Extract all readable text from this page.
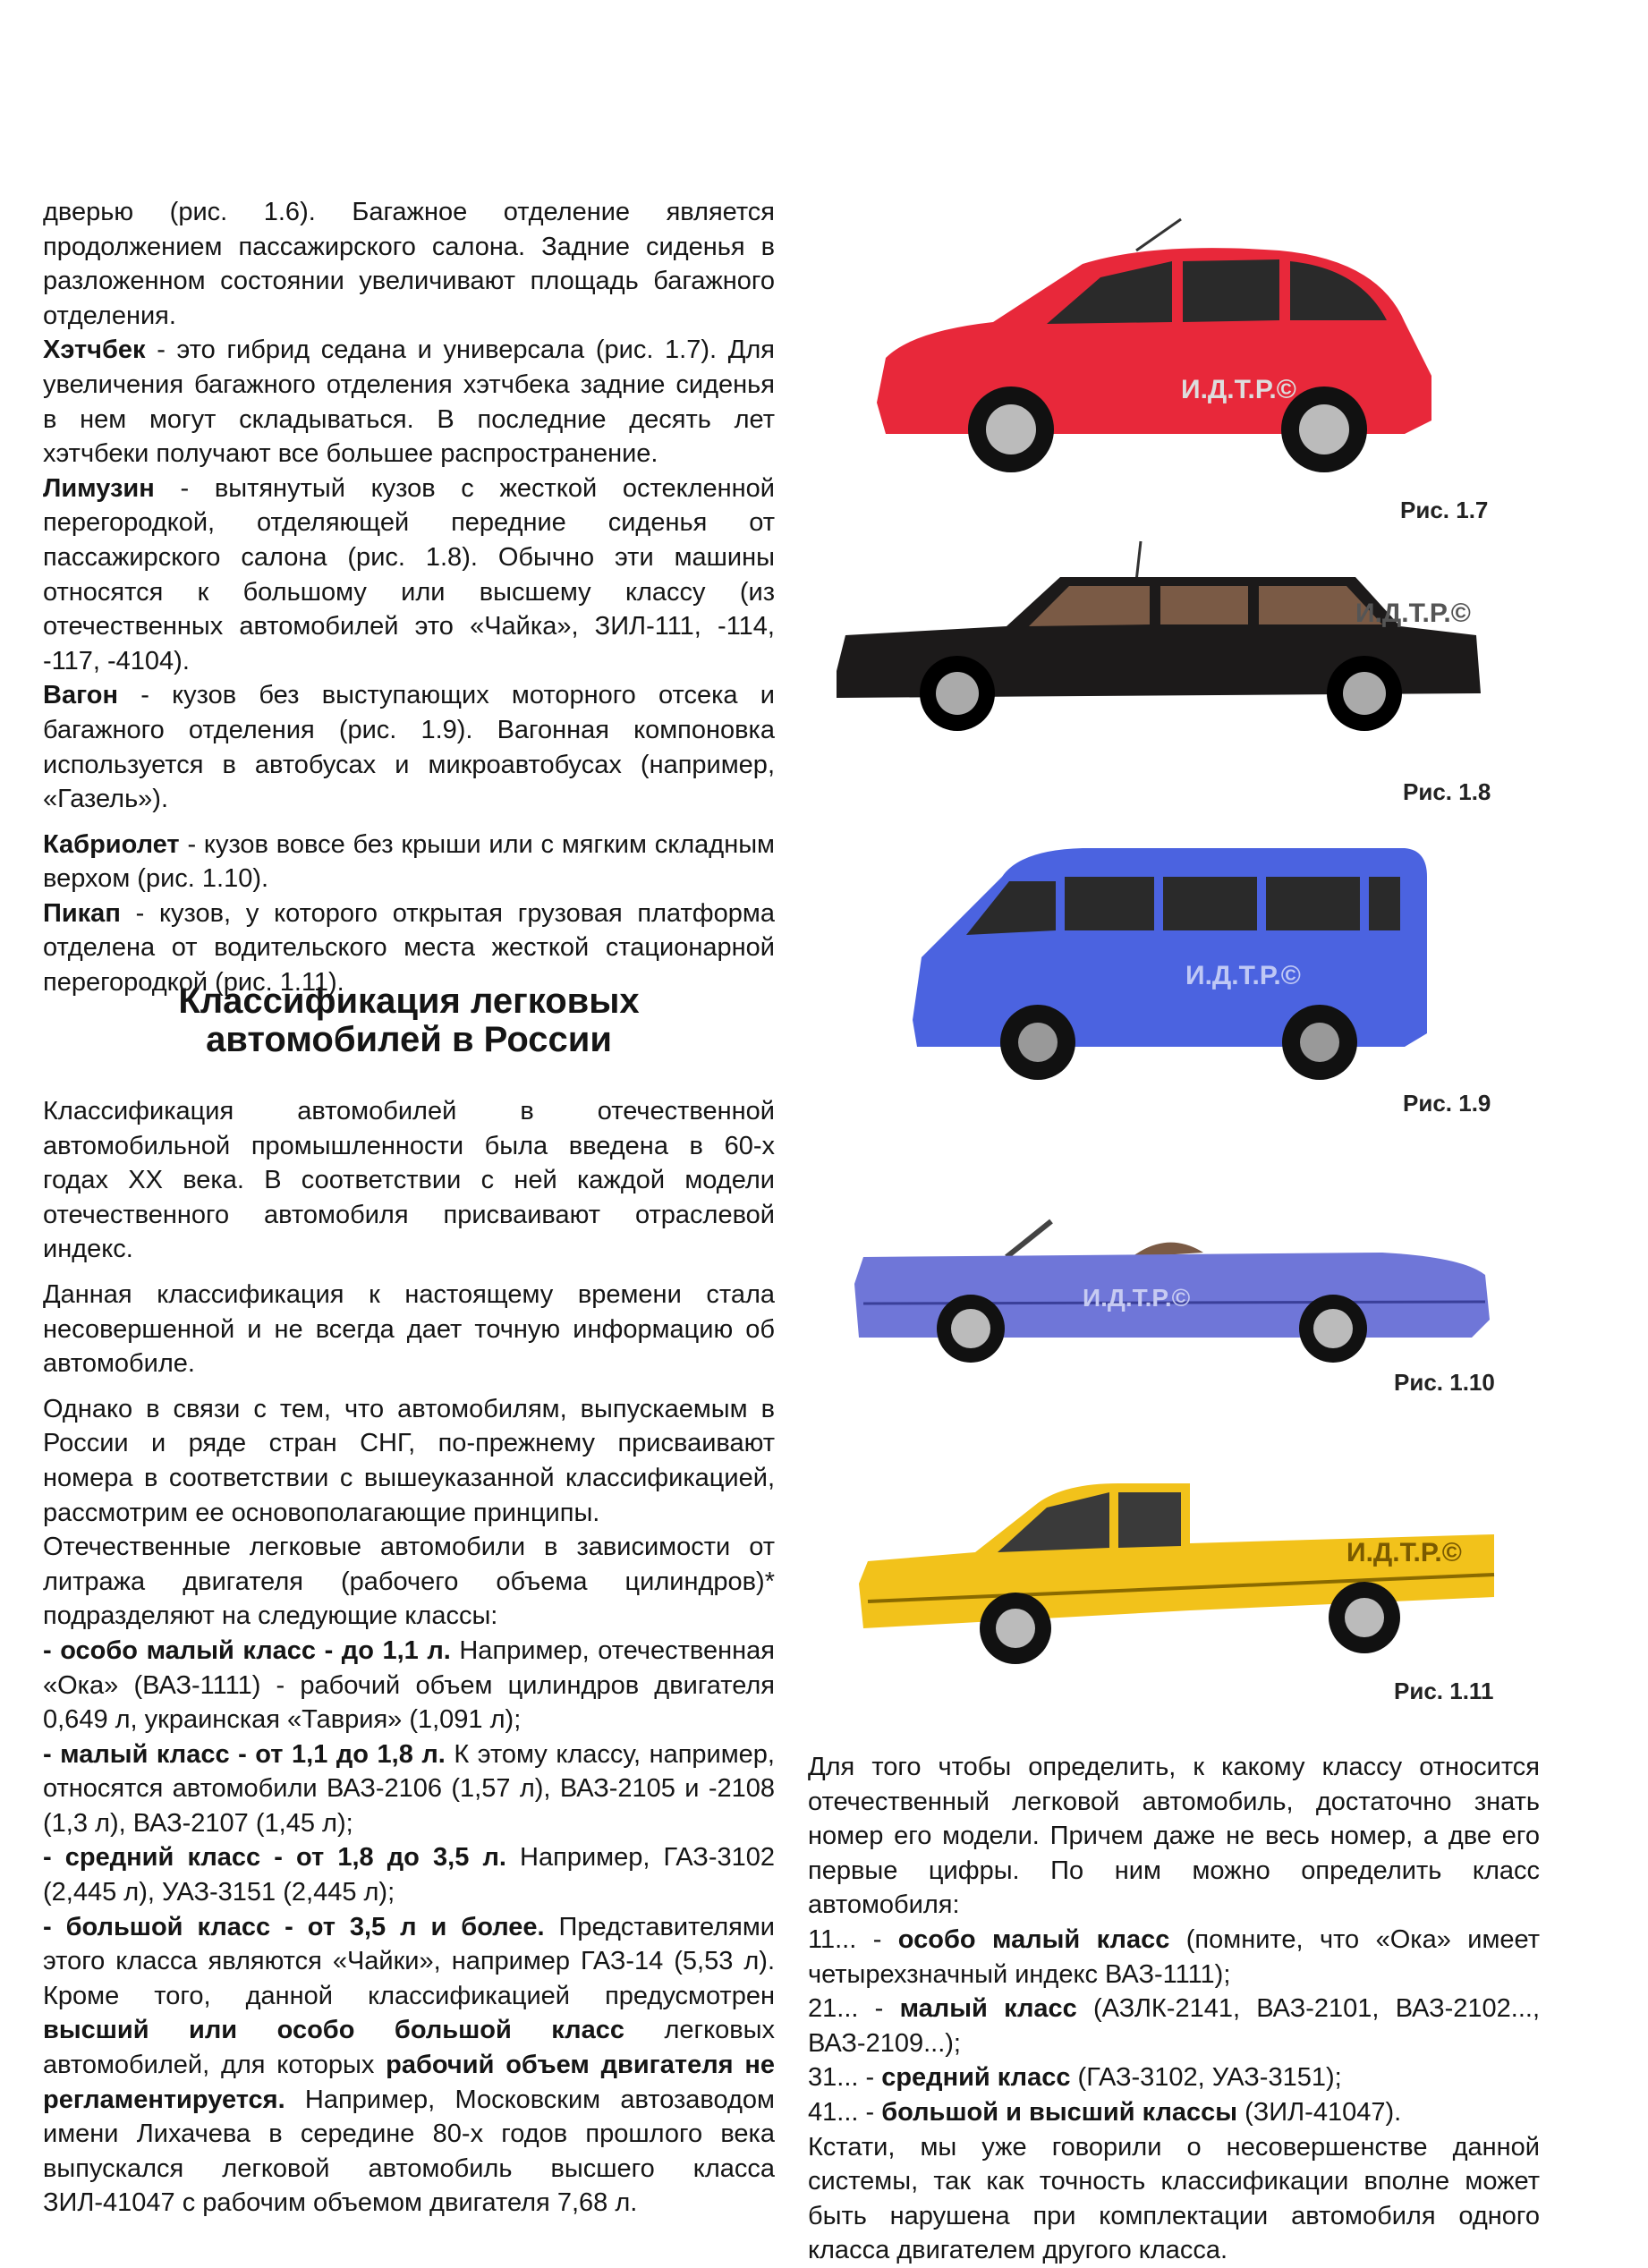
дверью (рис. 1.6). Багажное отделение является продолжением пассажирского салона. Задние сиденья в разложенном состоянии увеличивают площадь багажного отделения.

Хэтчбек - это гибрид седана и универсала (рис. 1.7). Для увеличения багажного отделения хэтчбека задние сиденья в нем могут складываться. В последние десять лет хэтчбеки получают все большее распространение.

Лимузин - вытянутый кузов с жесткой остекленной перегородкой, отделяющей передние сиденья от пассажирского салона (рис. 1.8). Обычно эти машины относятся к большому или высшему классу (из отечественных автомобилей это «Чайка», ЗИЛ-111, -114, -117, -4104).

Вагон - кузов без выступающих моторного отсека и багажного отделения (рис. 1.9). Вагонная компоновка используется в автобусах и микроавтобусах (например, «Газель»).

Кабриолет - кузов вовсе без крыши или с мягким складным верхом (рис. 1.10).

Пикап - кузов, у которого открытая грузовая платформа отделена от водительского места жесткой стационарной перегородкой (рис. 1.11).

Классификация легковых
автомобилей в России

Классификация автомобилей в отечественной автомобильной промышленности была введена в 60-х годах XX века. В соответствии с ней каждой модели отечественного автомобиля присваивают отраслевой индекс.

Данная классификация к настоящему времени стала несовершенной и не всегда дает точную информацию об автомобиле.

Однако в связи с тем, что автомобилям, выпускаемым в России и ряде стран СНГ, по-прежнему присваивают номера в соответствии с вышеуказанной классификацией, рассмотрим ее основополагающие принципы.

Отечественные легковые автомобили в зависимости от литража двигателя (рабочего объема цилиндров)* подразделяют на следующие классы:

- особо малый класс - до 1,1 л. Например, отечественная «Ока» (ВАЗ-1111) - рабочий объем цилиндров двигателя 0,649 л, украинская «Таврия» (1,091 л);

- малый класс - от 1,1 до 1,8 л. К этому классу, например, относятся автомобили ВАЗ-2106 (1,57 л), ВАЗ-2105 и -2108 (1,3 л), ВАЗ-2107 (1,45 л);

- средний класс - от 1,8 до 3,5 л. Например, ГАЗ-3102 (2,445 л), УАЗ-3151 (2,445 л);

- большой класс - от 3,5 л и более. Представителями этого класса являются «Чайки», например ГАЗ-14 (5,53 л). Кроме того, данной классификацией предусмотрен высший или особо большой класс легковых автомобилей, для которых рабочий объем двигателя не регламентируется. Например, Московским автозаводом имени Лихачева в середине 80-х годов прошлого века выпускался легковой автомобиль высшего класса ЗИЛ-41047 с рабочим объемом двигателя 7,68 л.

Для того чтобы определить, к какому классу относится отечественный легковой автомобиль, достаточно знать номер его модели. Причем даже не весь номер, а две его первые цифры. По ним можно определить класс автомобиля:

11... - особо малый класс (помните, что «Ока» имеет четырехзначный индекс ВАЗ-1111);

21... - малый класс (АЗЛК-2141, ВАЗ-2101, ВАЗ-2102..., ВАЗ-2109...);

31... - средний класс (ГАЗ-3102, УАЗ-3151);

41... - большой и высший классы (ЗИЛ-41047).

Кстати, мы уже говорили о несовершенстве данной системы, так как точность классификации вполне может быть нарушена при комплектации автомобиля одного класса двигателем другого класса.

И.Д.Т.Р.©
Рис. 1.7
И.Д.Т.Р.©
Рис. 1.8
И.Д.Т.Р.©
Рис. 1.9
И.Д.Т.Р.©
Рис. 1.10
И.Д.Т.Р.©
Рис. 1.11
